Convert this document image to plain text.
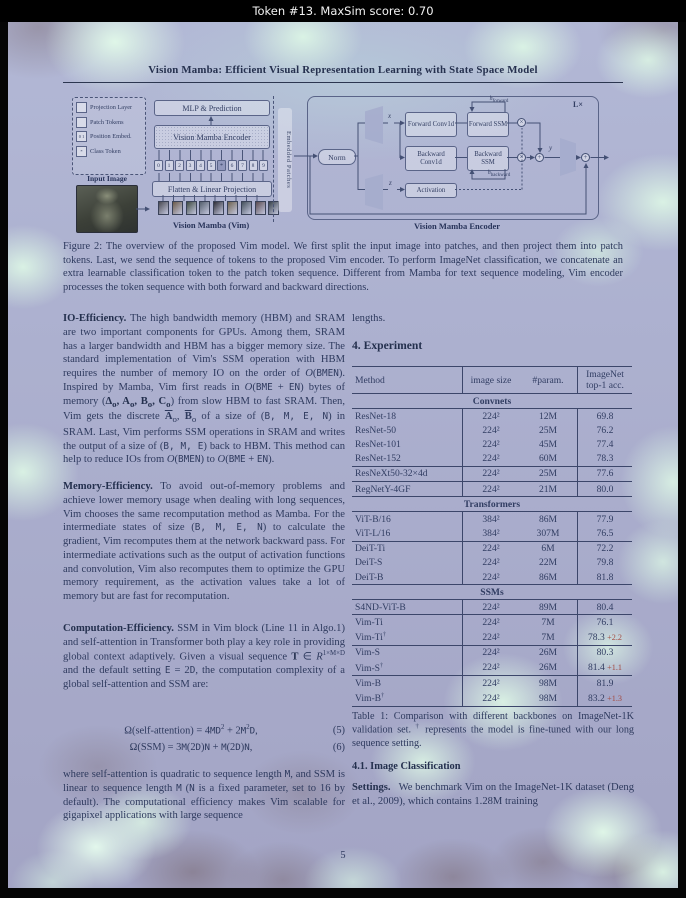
Token #13. MaxSim score: 0.70
Vision Mamba: Efficient Visual Representation Learning with State Space Model
Projection Layer
Patch Tokens
0 1 Position Embed.
*	Class Token
MLP & Prediction
Vision Mamba Encoder
0	1	2	3	4	5	*	6	7	8	9
Flatten & Linear Projection
Input Image
Vision Mamba (Vim)
Embedded Patches
L×
Norm
Forward Conv1d	Forward SSM
Backward Conv1d
Backward SSM
Activation
$h_{forward}$
$h_{backward}$
x
z
y
×
×	+	+
Vision Mamba Encoder
Figure 2: The overview of the proposed Vim model. We first split the input image into patches, and then project them into patch tokens. Last, we send the sequence of tokens to the proposed Vim encoder. To perform ImageNet classification, we concatenate an extra learnable classification token to the patch token sequence. Different from Mamba for text sequence modeling, Vim encoder processes the token sequence with both forward and backward directions.
IO-Efficiency. The high bandwidth memory (HBM) and SRAM are two important components for GPUs. Among them, SRAM has a larger bandwidth and HBM has a bigger memory size. The standard implementation of Vim's SSM operation with HBM requires the number of memory IO on the order of O(BMEN). Inspired by Mamba, Vim first reads in O(BME + EN) bytes of memory ($\Delta_o$, $A_o$, $B_o$, $C_o$) from slow HBM to fast SRAM. Then, Vim gets the discrete $\overline{A}_o$, $\overline{B}_o$ of a size of (B, M, E, N) in SRAM. Last, Vim performs SSM operations in SRAM and writes the output of a size of (B, M, E) back to HBM. This method can help to reduce IOs from O(BMEN) to O(BME + EN).
Memory-Efficiency. To avoid out-of-memory problems and achieve lower memory usage when dealing with long sequences, Vim chooses the same recomputation method as Mamba. For the intermediate states of size (B, M, E, N) to calculate the gradient, Vim recomputes them at the network backward pass. For intermediate activations such as the output of activation functions and convolution, Vim also recomputes them to optimize the GPU memory requirement, as the activation values take a lot of memory but are fast for recomputation.
Computation-Efficiency. SSM in Vim block (Line 11 in Algo.1) and self-attention in Transformer both play a key role in providing global context adaptively. Given a visual sequence T ∈ $R^{1\times M\times D}$ and the default setting E = 2D, the computation complexity of a global self-attention and SSM are:
Ω(self-attention) = $4MD^2 + 2M^2D$,	(5)
Ω(SSM) = 3M(2D)N + M(2D)N,	(6)
where self-attention is quadratic to sequence length M, and SSM is linear to sequence length M (N is a fixed parameter, set to 16 by default). The computational efficiency makes Vim scalable for gigapixel applications with large sequence
5
lengths.
4. Experiment
Method	image size	#param.	ImageNet top-1 acc.
Convnets			
ResNet-18	224²	12M	69.8
ResNet-50	224²	25M	76.2
ResNet-101	224²	45M	77.4
ResNet-152	224²	60M	78.3
ResNeXt50-32×4d	224²	25M	77.6
RegNetY-4GF	224²	21M	80.0
Transformers			
ViT-B/16	384²	86M	77.9
ViT-L/16	384²	307M	76.5
DeiT-Ti	224²	6M	72.2
DeiT-S	224²	22M	79.8
DeiT-B	224²	86M	81.8
SSMs			
S4ND-ViT-B	224²	89M	80.4
Vim-Ti	224²	7M	76.1
Vim-Ti†	224²	7M	78.3 +2.2
Vim-S	224²	26M	80.3
Vim-S†	224²	26M	81.4 +1.1
Vim-B	224²	98M	81.9
Vim-B†	224²	98M	83.2 +1.3
Table 1: Comparison with different backbones on ImageNet-1K validation set. † represents the model is fine-tuned with our long sequence setting.
4.1. Image Classification
Settings.   We benchmark Vim on the ImageNet-1K dataset (Deng et al., 2009), which contains 1.28M training
